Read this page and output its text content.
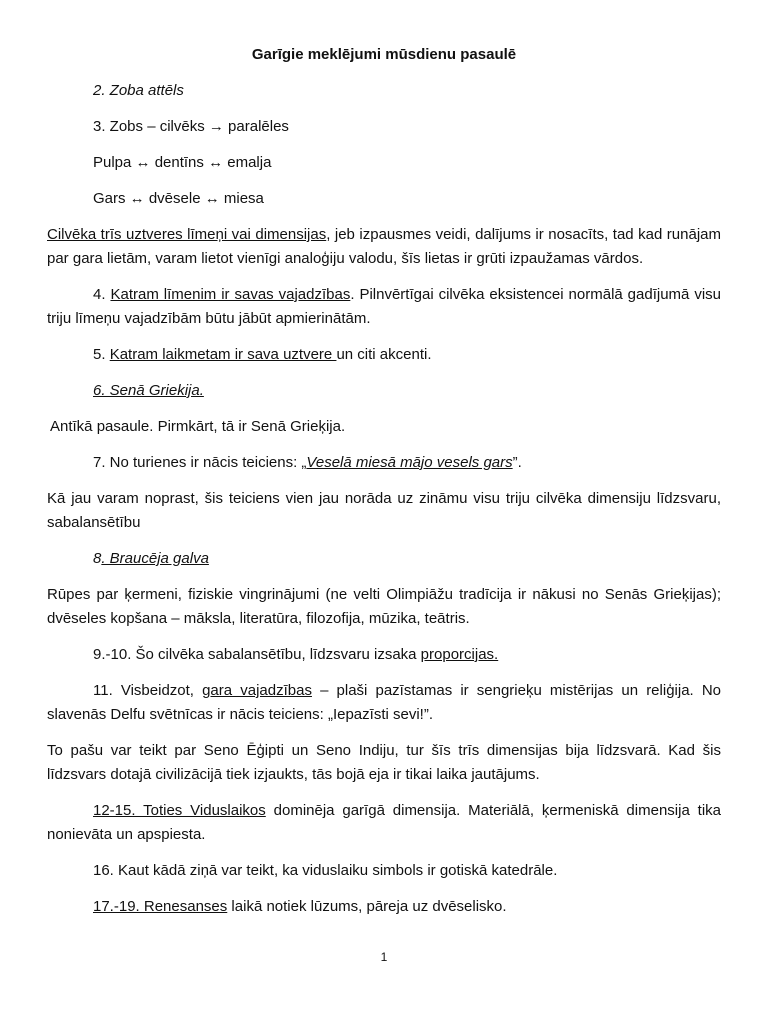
Garīgie meklējumi mūsdienu pasaulē

2. Zoba attēls

3. Zobs – cilvēks → paralēles

Pulpa ↔ dentīns ↔ emalja

Gars ↔ dvēsele ↔ miesa

Cilvēka trīs uztveres līmeņi vai dimensijas, jeb izpausmes veidi, dalījums ir nosacīts, tad kad runājam par gara lietām, varam lietot vienīgi analoģiju valodu, šīs lietas ir grūti izpaužamas vārdos.

4. Katram līmenim ir savas vajadzības. Pilnvērtīgai cilvēka eksistencei normālā gadījumā visu triju līmeņu vajadzībām būtu jābūt apmierinātām.

5. Katram laikmetam ir sava uztvere un citi akcenti.

6. Senā Griekija.

Antīkā pasaule. Pirmkārt, tā ir Senā Grieķija.

7. No turienes ir nācis teiciens: „Veselā miesā mājo vesels gars”.

Kā jau varam noprast, šis teiciens vien jau norāda uz zināmu visu triju cilvēka dimensiju līdzsvaru, sabalansētību

8. Braucēja galva

Rūpes par ķermeni, fiziskie vingrinājumi (ne velti Olimpiāžu tradīcija ir nākusi no Senās Grieķijas); dvēseles kopšana – māksla, literatūra, filozofija, mūzika, teātris.

9.-10. Šo cilvēka sabalansētību, līdzsvaru izsaka proporcijas.

11. Visbeidzot, gara vajadzības – plaši pazīstamas ir sengrieķu mistērijas un reliģija. No slavenās Delfu svētnīcas ir nācis teiciens: „Iepazīsti sevi!”.

To pašu var teikt par Seno Ēģipti un Seno Indiju, tur šīs trīs dimensijas bija līdzsvarā. Kad šis līdzsvars dotajā civilizācijā tiek izjaukts, tās bojā eja ir tikai laika jautājums.

12-15. Toties Viduslaikos dominēja garīgā dimensija. Materiālā, ķermeniskā dimensija tika nonievāta un apspiesta.

16. Kaut kādā ziņā var teikt, ka viduslaiku simbols ir gotiskā katedrāle.

17.-19. Renesanses laikā notiek lūzums, pāreja uz dvēselisko.

1
